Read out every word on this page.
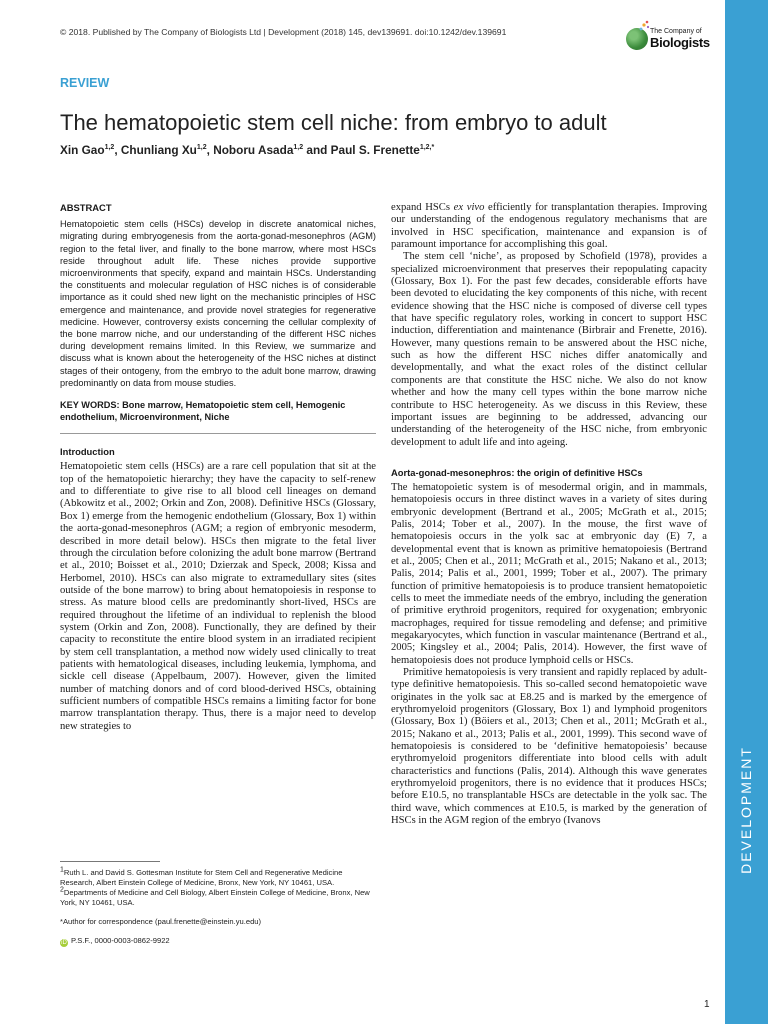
© 2018. Published by The Company of Biologists Ltd | Development (2018) 145, dev139691. doi:10.1242/dev.139691	The Company of
Biologists
DEVELOPMENT
REVIEW
The hematopoietic stem cell niche: from embryo to adult
Xin Gao$^{1,2}$, Chunliang Xu$^{1,2}$, Noboru Asada$^{1,2}$ and Paul S. Frenette$^{1,2,*}$
ABSTRACT

Hematopoietic stem cells (HSCs) develop in discrete anatomical niches, migrating during embryogenesis from the aorta-gonad-mesonephros (AGM) region to the fetal liver, and finally to the bone marrow, where most HSCs reside throughout adult life. These niches provide supportive microenvironments that specify, expand and maintain HSCs. Understanding the constituents and molecular regulation of HSC niches is of considerable importance as it could shed new light on the mechanistic principles of HSC emergence and maintenance, and provide novel strategies for regenerative medicine. However, controversy exists concerning the cellular complexity of the bone marrow niche, and our understanding of the different HSC niches during development remains limited. In this Review, we summarize and discuss what is known about the heterogeneity of the HSC niches at distinct stages of their ontogeny, from the embryo to the adult bone marrow, drawing predominantly on data from mouse studies.

KEY WORDS: Bone marrow, Hematopoietic stem cell, Hemogenic endothelium, Microenvironment, Niche
Introduction

Hematopoietic stem cells (HSCs) are a rare cell population that sit at the top of the hematopoietic hierarchy; they have the capacity to self-renew and to differentiate to give rise to all blood cell lineages on demand (Abkowitz et al., 2002; Orkin and Zon, 2008). Definitive HSCs (Glossary, Box 1) emerge from the hemogenic endothelium (Glossary, Box 1) within the aorta-gonad-mesonephros (AGM; a region of embryonic mesoderm, described in more detail below). HSCs then migrate to the fetal liver through the circulation before colonizing the adult bone marrow (Bertrand et al., 2010; Boisset et al., 2010; Dzierzak and Speck, 2008; Kissa and Herbomel, 2010). HSCs can also migrate to extramedullary sites (sites outside of the bone marrow) to bring about hematopoiesis in response to stress. As mature blood cells are predominantly short-lived, HSCs are required throughout the lifetime of an individual to replenish the blood system (Orkin and Zon, 2008). Functionally, they are defined by their capacity to reconstitute the entire blood system in an irradiated recipient by stem cell transplantation, a method now widely used clinically to treat patients with hematological diseases, including leukemia, lymphoma, and sickle cell disease (Appelbaum, 2007). However, given the limited number of matching donors and of cord blood-derived HSCs, obtaining sufficient numbers of compatible HSCs remains a limiting factor for bone marrow transplantation therapy. Thus, there is a major need to develop new strategies to

expand HSCs ex vivo efficiently for transplantation therapies. Improving our understanding of the endogenous regulatory mechanisms that are involved in HSC specification, maintenance and expansion is of paramount importance for accomplishing this goal.

The stem cell ‘niche’, as proposed by Schofield (1978), provides a specialized microenvironment that preserves their repopulating capacity (Glossary, Box 1). For the past few decades, considerable efforts have been devoted to elucidating the key components of this niche, with recent evidence showing that the HSC niche is composed of diverse cell types that have specific regulatory roles, working in concert to support HSC induction, differentiation and maintenance (Birbrair and Frenette, 2016). However, many questions remain to be answered about the HSC niche, such as how the different HSC niches differ anatomically and developmentally, and what the exact roles of the distinct cellular components are that constitute the HSC niche. We also do not know whether and how the many cell types within the bone marrow niche contribute to HSC heterogeneity. As we discuss in this Review, these important issues are beginning to be addressed, advancing our understanding of the heterogeneity of the HSC niche, from embryonic development to adult life and into ageing.

Aorta-gonad-mesonephros: the origin of definitive HSCs

The hematopoietic system is of mesodermal origin, and in mammals, hematopoiesis occurs in three distinct waves in a variety of sites during embryonic development (Bertrand et al., 2005; McGrath et al., 2015; Palis, 2014; Tober et al., 2007). In the mouse, the first wave of hematopoiesis occurs in the yolk sac at embryonic day (E) 7, a developmental event that is known as primitive hematopoiesis (Bertrand et al., 2005; Chen et al., 2011; McGrath et al., 2015; Nakano et al., 2013; Palis, 2014; Palis et al., 2001, 1999; Tober et al., 2007). The primary function of primitive hematopoiesis is to produce transient hematopoietic cells to meet the immediate needs of the embryo, including the generation of primitive erythroid progenitors, required for oxygenation; embryonic macrophages, required for tissue remodeling and defense; and primitive megakaryocytes, which function in vascular maintenance (Bertrand et al., 2005; Kingsley et al., 2004; Palis, 2014). However, the first wave of hematopoiesis does not produce lymphoid cells or HSCs.

Primitive hematopoiesis is very transient and rapidly replaced by adult-type definitive hematopoiesis. This so-called second hematopoietic wave originates in the yolk sac at E8.25 and is marked by the emergence of erythromyeloid progenitors (Glossary, Box 1) and lymphoid progenitors (Glossary, Box 1) (Böiers et al., 2013; Chen et al., 2011; McGrath et al., 2015; Nakano et al., 2013; Palis et al., 2001, 1999). This second wave of hematopoiesis is considered to be ‘definitive hematopoiesis’ because erythromyeloid progenitors differentiate into blood cells with adult characteristics and functions (Palis, 2014). Although this wave generates erythromyeloid progenitors, there is no evidence that it produces HSCs; before E10.5, no transplantable HSCs are detectable in the yolk sac. The third wave, which commences at E10.5, is marked by the generation of HSCs in the AGM region of the embryo (Ivanovs

$^1$Ruth L. and David S. Gottesman Institute for Stem Cell and Regenerative Medicine Research, Albert Einstein College of Medicine, Bronx, New York, NY 10461, USA.
$^2$Departments of Medicine and Cell Biology, Albert Einstein College of Medicine, Bronx, New York, NY 10461, USA.
*Author for correspondence (paul.frenette@einstein.yu.edu)
iD P.S.F., 0000-0003-0862-9922
1
